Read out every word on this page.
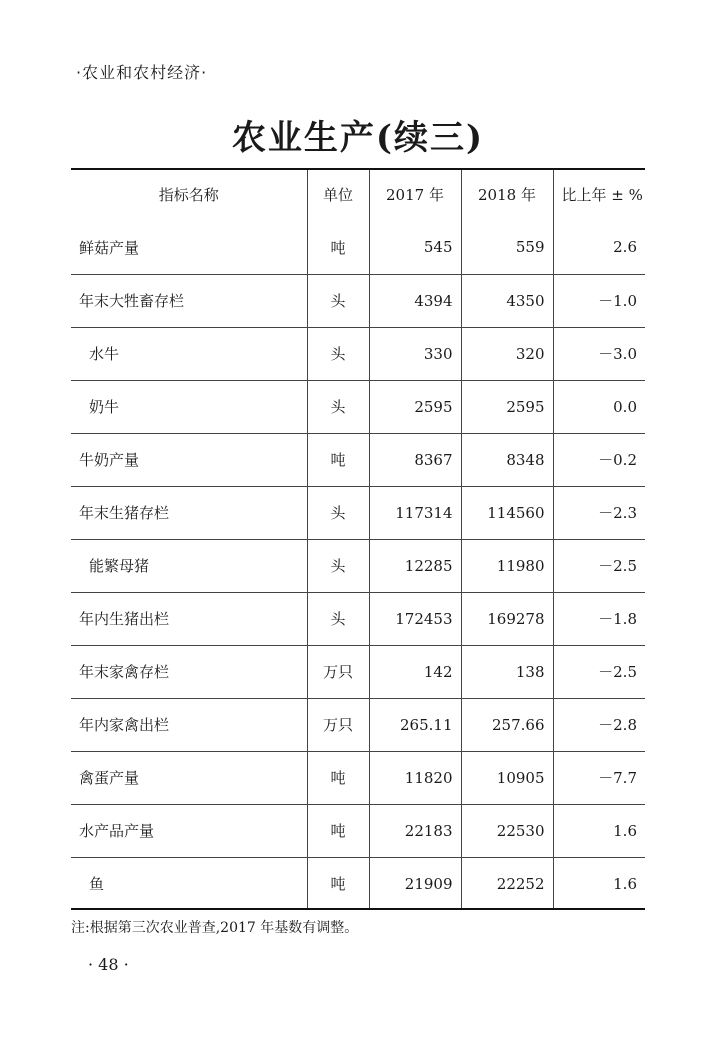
·农业和农村经济·
农业生产(续三)
指标名称	单位	2017 年	2018 年	比上年 ± %
鲜菇产量	吨	545	559	2.6
年末大牲畜存栏	头	4394	4350	－1.0
水牛	头	330	320	－3.0
奶牛	头	2595	2595	0.0
牛奶产量	吨	8367	8348	－0.2
年末生猪存栏	头	117314	114560	－2.3
能繁母猪	头	12285	11980	－2.5
年内生猪出栏	头	172453	169278	－1.8
年末家禽存栏	万只	142	138	－2.5
年内家禽出栏	万只	265.11	257.66	－2.8
禽蛋产量	吨	11820	10905	－7.7
水产品产量	吨	22183	22530	1.6
鱼	吨	21909	22252	1.6
注:根据第三次农业普查,2017 年基数有调整。
· 48 ·
